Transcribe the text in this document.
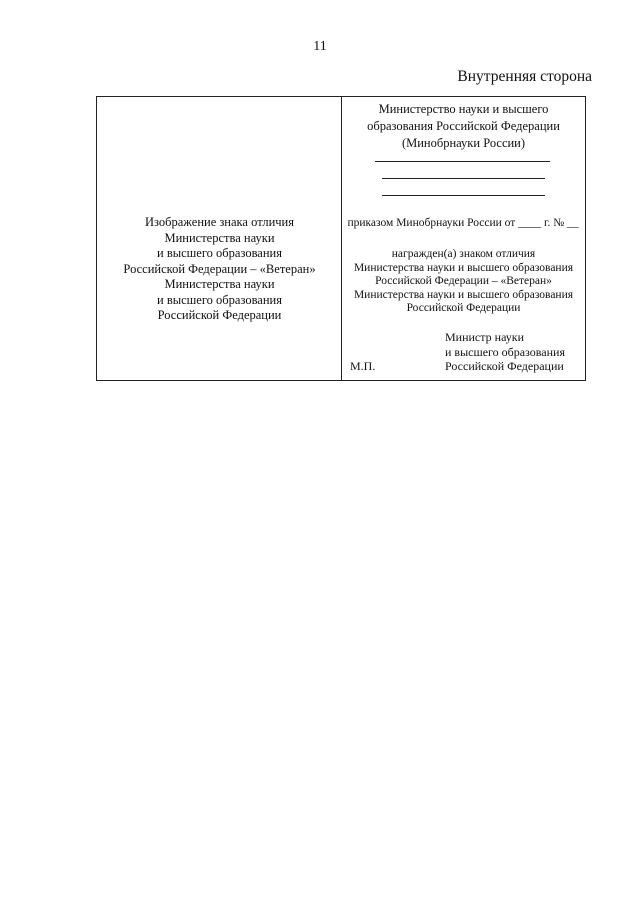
11
Внутренняя сторона
Изображение знака отличия
Министерства науки
и высшего образования
Российской Федерации – «Ветеран»
Министерства науки
и высшего образования
Российской Федерации
Министерство науки и высшего
образования Российской Федерации
(Минобрнауки России)
приказом Минобрнауки России от ____ г. № __
награжден(а) знаком отличия
Министерства науки и высшего образования
Российской Федерации – «Ветеран»
Министерства науки и высшего образования
Российской Федерации
Министр науки
и высшего образования
Российской Федерации
М.П.
